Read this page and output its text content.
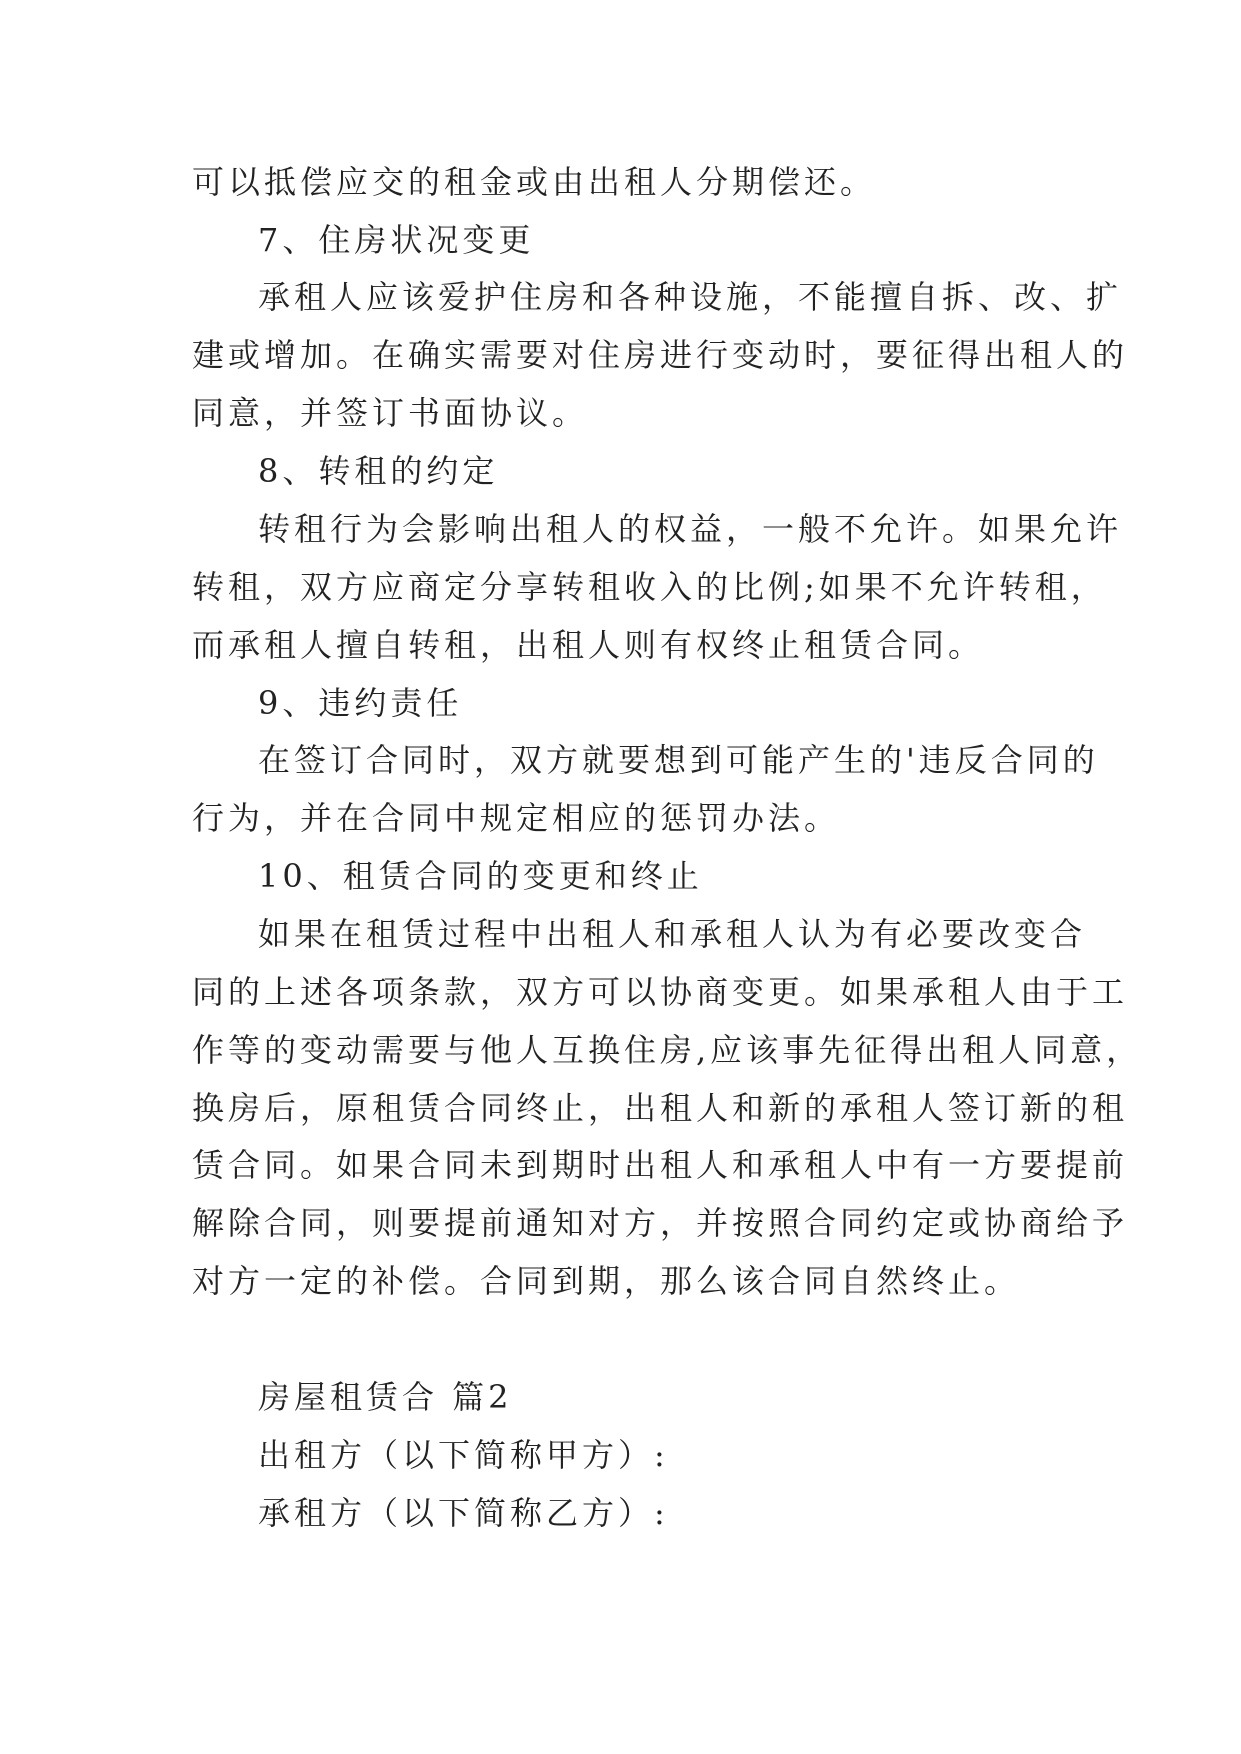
可以抵偿应交的租金或由出租人分期偿还。
7、住房状况变更
承租人应该爱护住房和各种设施，不能擅自拆、改、扩
建或增加。在确实需要对住房进行变动时，要征得出租人的
同意，并签订书面协议。
8、转租的约定
转租行为会影响出租人的权益，一般不允许。如果允许
转租，双方应商定分享转租收入的比例;如果不允许转租，
而承租人擅自转租，出租人则有权终止租赁合同。
9、违约责任
在签订合同时，双方就要想到可能产生的'违反合同的
行为，并在合同中规定相应的惩罚办法。
10、租赁合同的变更和终止
如果在租赁过程中出租人和承租人认为有必要改变合
同的上述各项条款，双方可以协商变更。如果承租人由于工
作等的变动需要与他人互换住房,应该事先征得出租人同意，
换房后，原租赁合同终止，出租人和新的承租人签订新的租
赁合同。如果合同未到期时出租人和承租人中有一方要提前
解除合同，则要提前通知对方，并按照合同约定或协商给予
对方一定的补偿。合同到期，那么该合同自然终止。
房屋租赁合 篇2
出租方（以下简称甲方）:
承租方（以下简称乙方）:
